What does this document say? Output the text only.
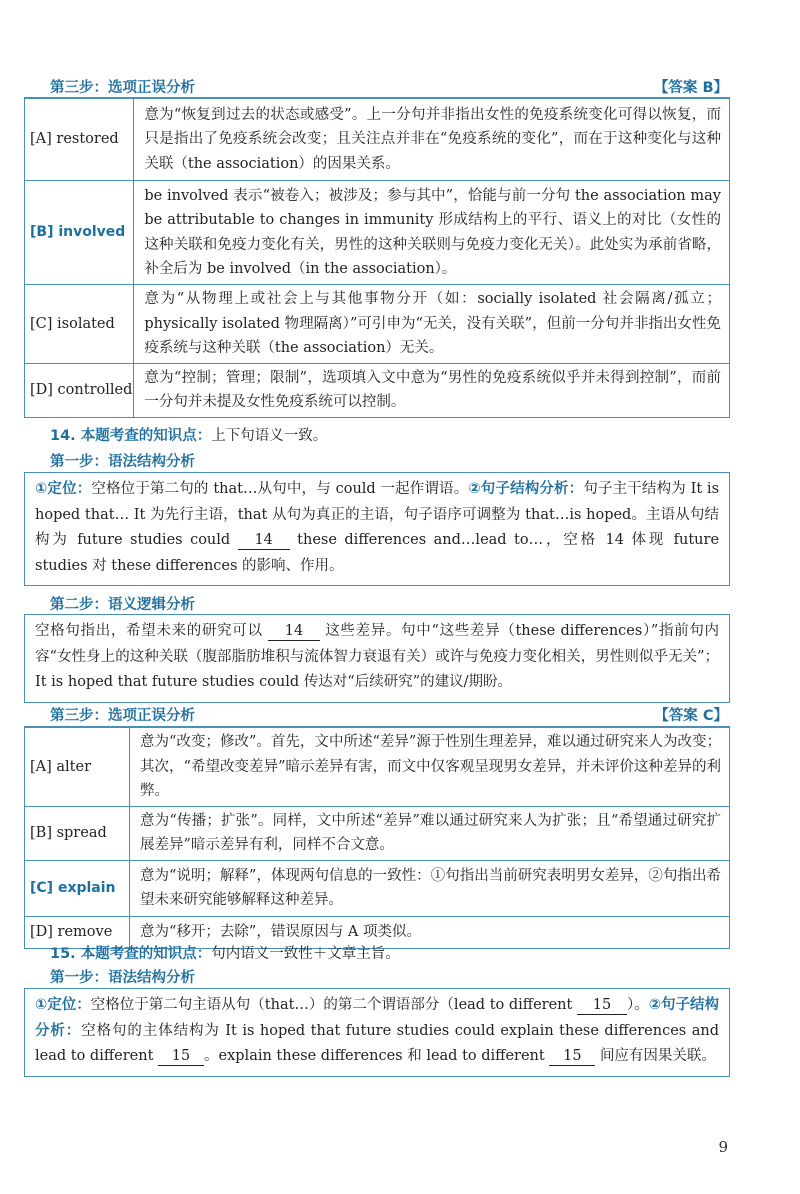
第三步：选项正误分析	【答案 B】
[A] restored	意为“恢复到过去的状态或感受”。上一分句并非指出女性的免疫系统变化可得以恢复，而只是指出了免疫系统会改变；且关注点并非在“免疫系统的变化”，而在于这种变化与这种关联（the association）的因果关系。
[B] involved	be involved 表示“被卷入；被涉及；参与其中”，恰能与前一分句 the association may be attributable to changes in immunity 形成结构上的平行、语义上的对比（女性的这种关联和免疫力变化有关，男性的这种关联则与免疫力变化无关）。此处实为承前省略，补全后为 be involved（in the association）。
[C] isolated	意为“从物理上或社会上与其他事物分开（如：socially isolated 社会隔离/孤立；physically isolated 物理隔离）”可引申为“无关，没有关联”，但前一分句并非指出女性免疫系统与这种关联（the association）无关。
[D] controlled	意为“控制；管理；限制”，选项填入文中意为“男性的免疫系统似乎并未得到控制”，而前一分句并未提及女性免疫系统可以控制。
14. 本题考查的知识点：上下句语义一致。
第一步：语法结构分析
①定位：空格位于第二句的 that…从句中，与 could 一起作谓语。②句子结构分析：句子主干结构为 It is hoped that… It 为先行主语，that 从句为真正的主语，句子语序可调整为 that…is hoped。主语从句结构为 future studies could 14 these differences and…lead to…，空格 14 体现 future studies 对 these differences 的影响、作用。
第二步：语义逻辑分析
空格句指出，希望未来的研究可以 14 这些差异。句中“这些差异（these differences）”指前句内容“女性身上的这种关联（腹部脂肪堆积与流体智力衰退有关）或许与免疫力变化相关，男性则似乎无关”；It is hoped that future studies could 传达对“后续研究”的建议/期盼。
第三步：选项正误分析	【答案 C】
[A] alter	意为“改变；修改”。首先，文中所述“差异”源于性别生理差异，难以通过研究来人为改变；其次，“希望改变差异”暗示差异有害，而文中仅客观呈现男女差异，并未评价这种差异的利弊。
[B] spread	意为“传播；扩张”。同样，文中所述“差异”难以通过研究来人为扩张；且“希望通过研究扩展差异”暗示差异有利，同样不合文意。
[C] explain	意为“说明；解释”，体现两句信息的一致性：①句指出当前研究表明男女差异，②句指出希望未来研究能够解释这种差异。
[D] remove	意为“移开；去除”，错误原因与 A 项类似。
15. 本题考查的知识点：句内语义一致性＋文章主旨。
第一步：语法结构分析
①定位：空格位于第二句主语从句（that…）的第二个谓语部分（lead to different 15 ）。②句子结构分析：空格句的主体结构为 It is hoped that future studies could explain these differences and lead to different 15 。explain these differences 和 lead to different 15 间应有因果关联。
9
